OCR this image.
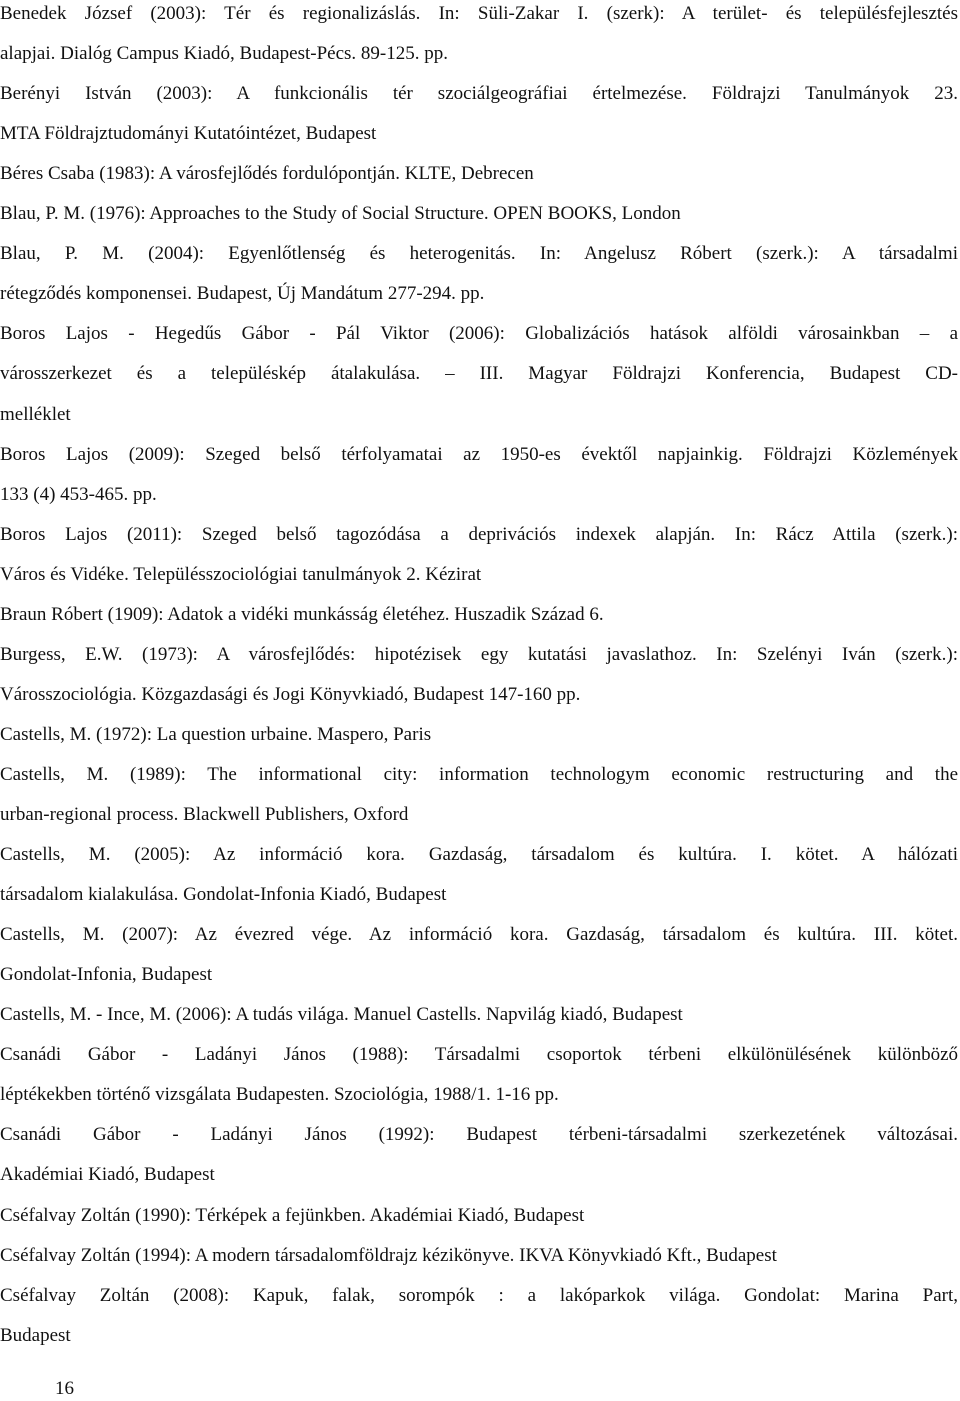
Benedek József (2003): Tér és regionalizáslás. In: Süli-Zakar I. (szerk): A terület- és településfejlesztés
alapjai. Dialóg Campus Kiadó, Budapest-Pécs. 89-125. pp.
Berényi István (2003): A funkcionális tér szociálgeográfiai értelmezése. Földrajzi Tanulmányok 23.
MTA Földrajztudományi Kutatóintézet, Budapest
Béres Csaba (1983): A városfejlődés fordulópontján. KLTE, Debrecen
Blau, P. M. (1976): Approaches to the Study of Social Structure. OPEN BOOKS, London
Blau, P. M. (2004): Egyenlőtlenség és heterogenitás. In: Angelusz Róbert (szerk.): A társadalmi
rétegződés komponensei. Budapest, Új Mandátum 277-294. pp.
Boros Lajos - Hegedűs Gábor - Pál Viktor (2006): Globalizációs hatások alföldi városainkban – a
városszerkezet és a településkép átalakulása. – III. Magyar Földrajzi Konferencia, Budapest CD-
melléklet
Boros Lajos (2009): Szeged belső térfolyamatai az 1950-es évektől napjainkig. Földrajzi Közlemények
133 (4) 453-465. pp.
Boros Lajos (2011): Szeged belső tagozódása a deprivációs indexek alapján. In: Rácz Attila (szerk.):
Város és Vidéke. Településszociológiai tanulmányok 2. Kézirat
Braun Róbert (1909): Adatok a vidéki munkásság életéhez. Huszadik Század 6.
Burgess, E.W. (1973): A városfejlődés: hipotézisek egy kutatási javaslathoz. In: Szelényi Iván (szerk.):
Városszociológia. Közgazdasági és Jogi Könyvkiadó, Budapest 147-160 pp.
Castells, M. (1972): La question urbaine. Maspero, Paris
Castells, M. (1989): The informational city: information technologym economic restructuring and the
urban-regional process. Blackwell Publishers, Oxford
Castells, M. (2005): Az információ kora. Gazdaság, társadalom és kultúra. I. kötet. A hálózati
társadalom kialakulása. Gondolat-Infonia Kiadó, Budapest
Castells, M. (2007): Az évezred vége. Az információ kora. Gazdaság, társadalom és kultúra. III. kötet.
Gondolat-Infonia, Budapest
Castells, M. - Ince, M. (2006): A tudás világa. Manuel Castells. Napvilág kiadó, Budapest
Csanádi Gábor - Ladányi János (1988): Társadalmi csoportok térbeni elkülönülésének különböző
léptékekben történő vizsgálata Budapesten. Szociológia, 1988/1. 1-16 pp.
Csanádi Gábor - Ladányi János (1992): Budapest térbeni-társadalmi szerkezetének változásai.
Akadémiai Kiadó, Budapest
Cséfalvay Zoltán (1990): Térképek a fejünkben. Akadémiai Kiadó, Budapest
Cséfalvay Zoltán (1994): A modern társadalomföldrajz kézikönyve. IKVA Könyvkiadó Kft., Budapest
Cséfalvay Zoltán (2008): Kapuk, falak, sorompók : a lakóparkok világa. Gondolat: Marina Part,
Budapest
16
